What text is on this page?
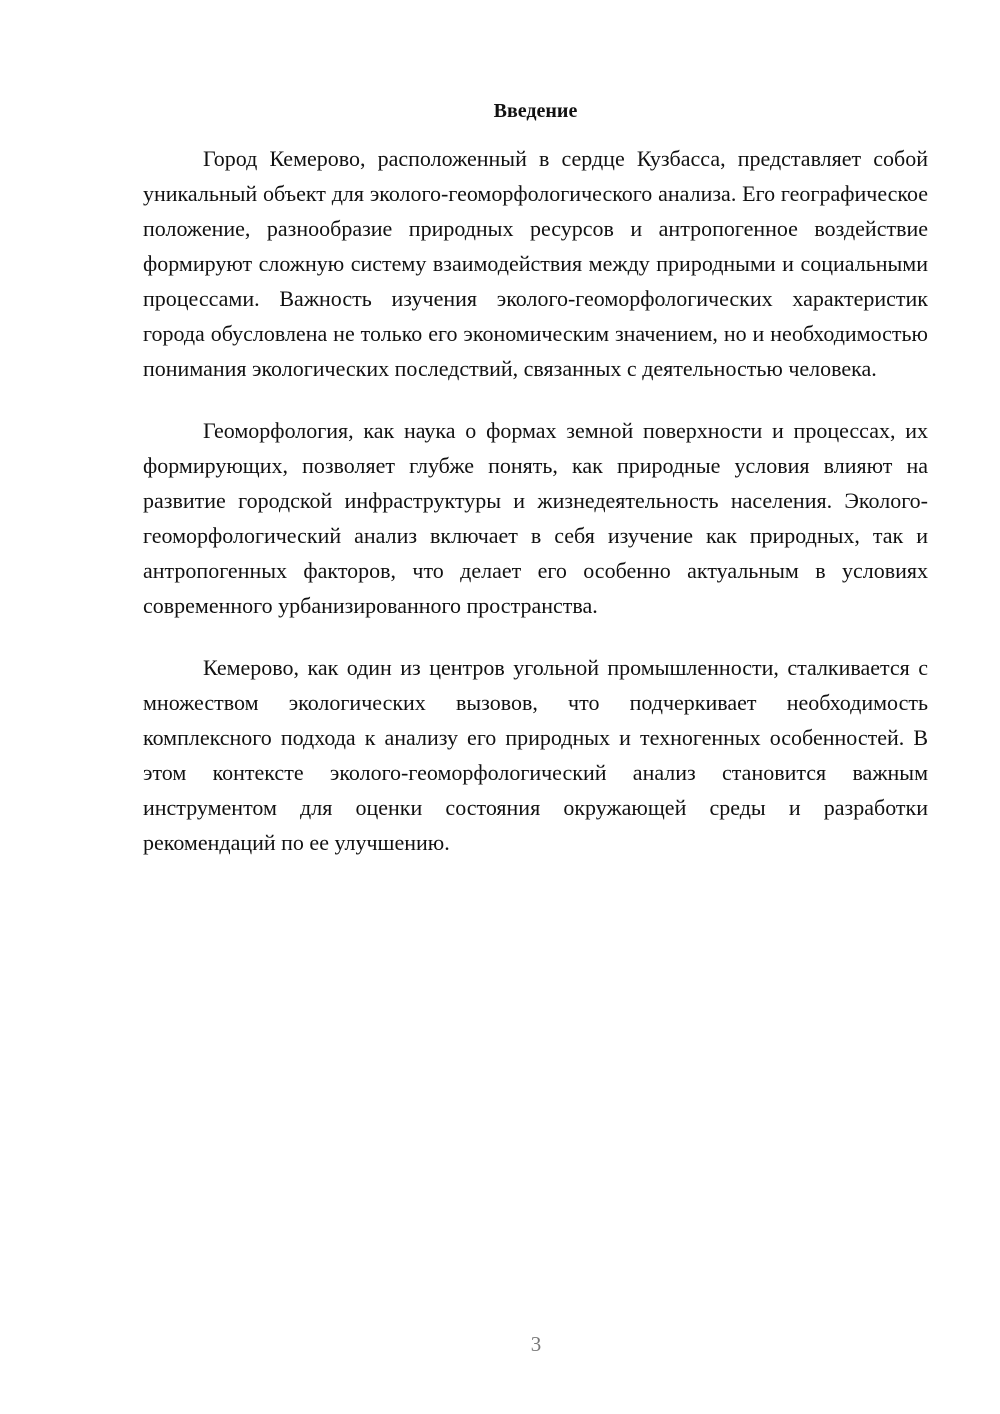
Введение

Город Кемерово, расположенный в сердце Кузбасса, представляет собой уникальный объект для эколого-геоморфологического анализа. Его географическое положение, разнообразие природных ресурсов и антропогенное воздействие формируют сложную систему взаимодействия между природными и социальными процессами. Важность изучения эколого-геоморфологических характеристик города обусловлена не только его экономическим значением, но и необходимостью понимания экологических последствий, связанных с деятельностью человека.

Геоморфология, как наука о формах земной поверхности и процессах, их формирующих, позволяет глубже понять, как природные условия влияют на развитие городской инфраструктуры и жизнедеятельность населения. Эколого-геоморфологический анализ включает в себя изучение как природных, так и антропогенных факторов, что делает его особенно актуальным в условиях современного урбанизированного пространства.

Кемерово, как один из центров угольной промышленности, сталкивается с множеством экологических вызовов, что подчеркивает необходимость комплексного подхода к анализу его природных и техногенных особенностей. В этом контексте эколого-геоморфологический анализ становится важным инструментом для оценки состояния окружающей среды и разработки рекомендаций по ее улучшению.

3
